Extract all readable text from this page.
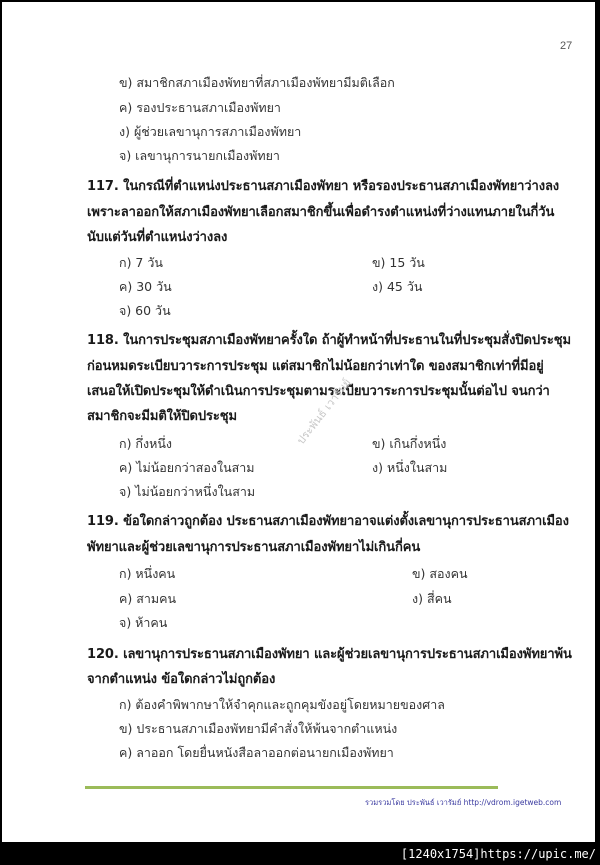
27
ข) สมาชิกสภาเมืองพัทยาที่สภาเมืองพัทยามีมติเลือก
ค) รองประธานสภาเมืองพัทยา
ง) ผู้ช่วยเลขานุการสภาเมืองพัทยา
จ) เลขานุการนายกเมืองพัทยา
117. ในกรณีที่ตำแหน่งประธานสภาเมืองพัทยา หรือรองประธานสภาเมืองพัทยาว่างลง
เพราะลาออกให้สภาเมืองพัทยาเลือกสมาชิกขึ้นเพื่อดำรงตำแหน่งที่ว่างแทนภายในกี่วัน
นับแต่วันที่ตำแหน่งว่างลง
ก) 7 วัน	ข) 15 วัน
ค) 30 วัน	ง) 45 วัน
จ) 60 วัน
118. ในการประชุมสภาเมืองพัทยาครั้งใด ถ้าผู้ทำหน้าที่ประธานในที่ประชุมสั่งปิดประชุม
ก่อนหมดระเบียบวาระการประชุม แต่สมาชิกไม่น้อยกว่าเท่าใด ของสมาชิกเท่าที่มีอยู่
เสนอให้เปิดประชุมให้ดำเนินการประชุมตามระเบียบวาระการประชุมนั้นต่อไป จนกว่า
สมาชิกจะมีมติให้ปิดประชุม
ก) กึ่งหนึ่ง	ข) เกินกึ่งหนึ่ง
ค) ไม่น้อยกว่าสองในสาม	ง) หนึ่งในสาม
จ) ไม่น้อยกว่าหนึ่งในสาม
119. ข้อใดกล่าวถูกต้อง ประธานสภาเมืองพัทยาอาจแต่งตั้งเลขานุการประธานสภาเมือง
พัทยาและผู้ช่วยเลขานุการประธานสภาเมืองพัทยาไม่เกินกี่คน
ก) หนึ่งคน	ข) สองคน
ค) สามคน	ง) สี่คน
จ) ห้าคน
120. เลขานุการประธานสภาเมืองพัทยา และผู้ช่วยเลขานุการประธานสภาเมืองพัทยาพ้น
จากตำแหน่ง ข้อใดกล่าวไม่ถูกต้อง
ก) ต้องคำพิพากษาให้จำคุกและถูกคุมขังอยู่โดยหมายของศาล
ข) ประธานสภาเมืองพัทยามีคำสั่งให้พ้นจากตำแหน่ง
ค) ลาออก โดยยื่นหนังสือลาออกต่อนายกเมืองพัทยา
ประพันธ์ เวารัมย์
รวมรวมโดย ประพันธ์ เวารัมย์ http://vdrom.igetweb.com
[1240x1754]https://upic.me/
